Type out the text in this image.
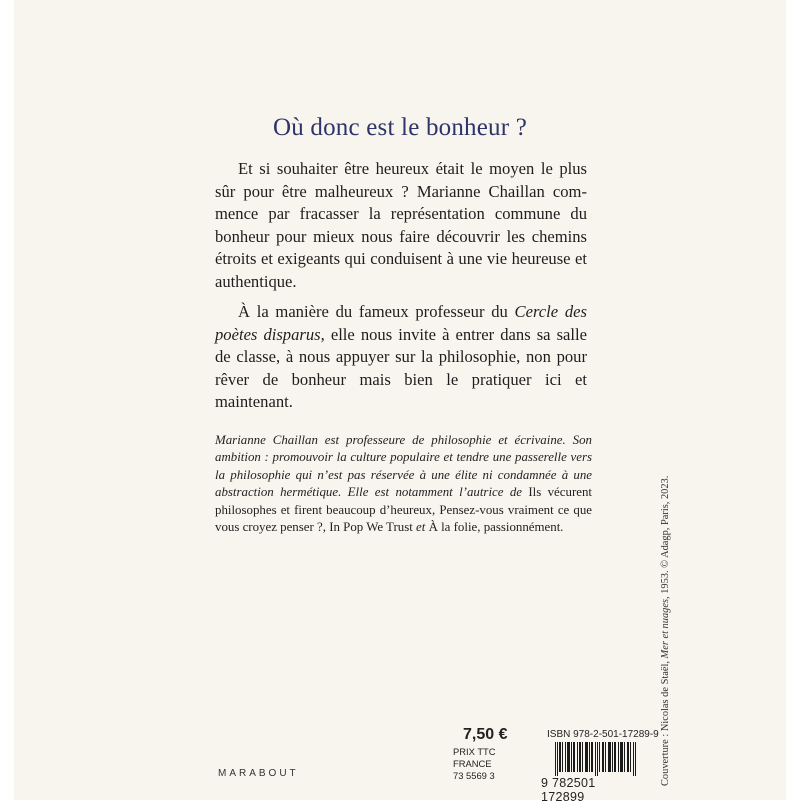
Où donc est le bonheur ?

Et si souhaiter être heureux était le moyen le plus sûr pour être malheureux ? Marianne Chaillan commence par fracasser la représentation commune du bonheur pour mieux nous faire découvrir les chemins étroits et exigeants qui conduisent à une vie heureuse et authentique.

À la manière du fameux professeur du Cercle des poètes disparus, elle nous invite à entrer dans sa salle de classe, à nous appuyer sur la philosophie, non pour rêver de bonheur mais bien le pratiquer ici et maintenant.

Marianne Chaillan est professeure de philosophie et écrivaine. Son ambition : promouvoir la culture populaire et tendre une passerelle vers la philosophie qui n’est pas réservée à une élite ni condamnée à une abstraction hermétique. Elle est notamment l’autrice de Ils vécurent philosophes et firent beaucoup d’heureux, Pensez-vous vraiment ce que vous croyez penser ?, In Pop We Trust et À la folie, passionnément.
Couverture : Nicolas de Staël, Mer et nuages, 1953. © Adagp, Paris, 2023.
7,50 €
PRIX TTC FRANCE
73 5569 3
ISBN 978-2-501-17289-9
9 782501 172899
MARABOUT
